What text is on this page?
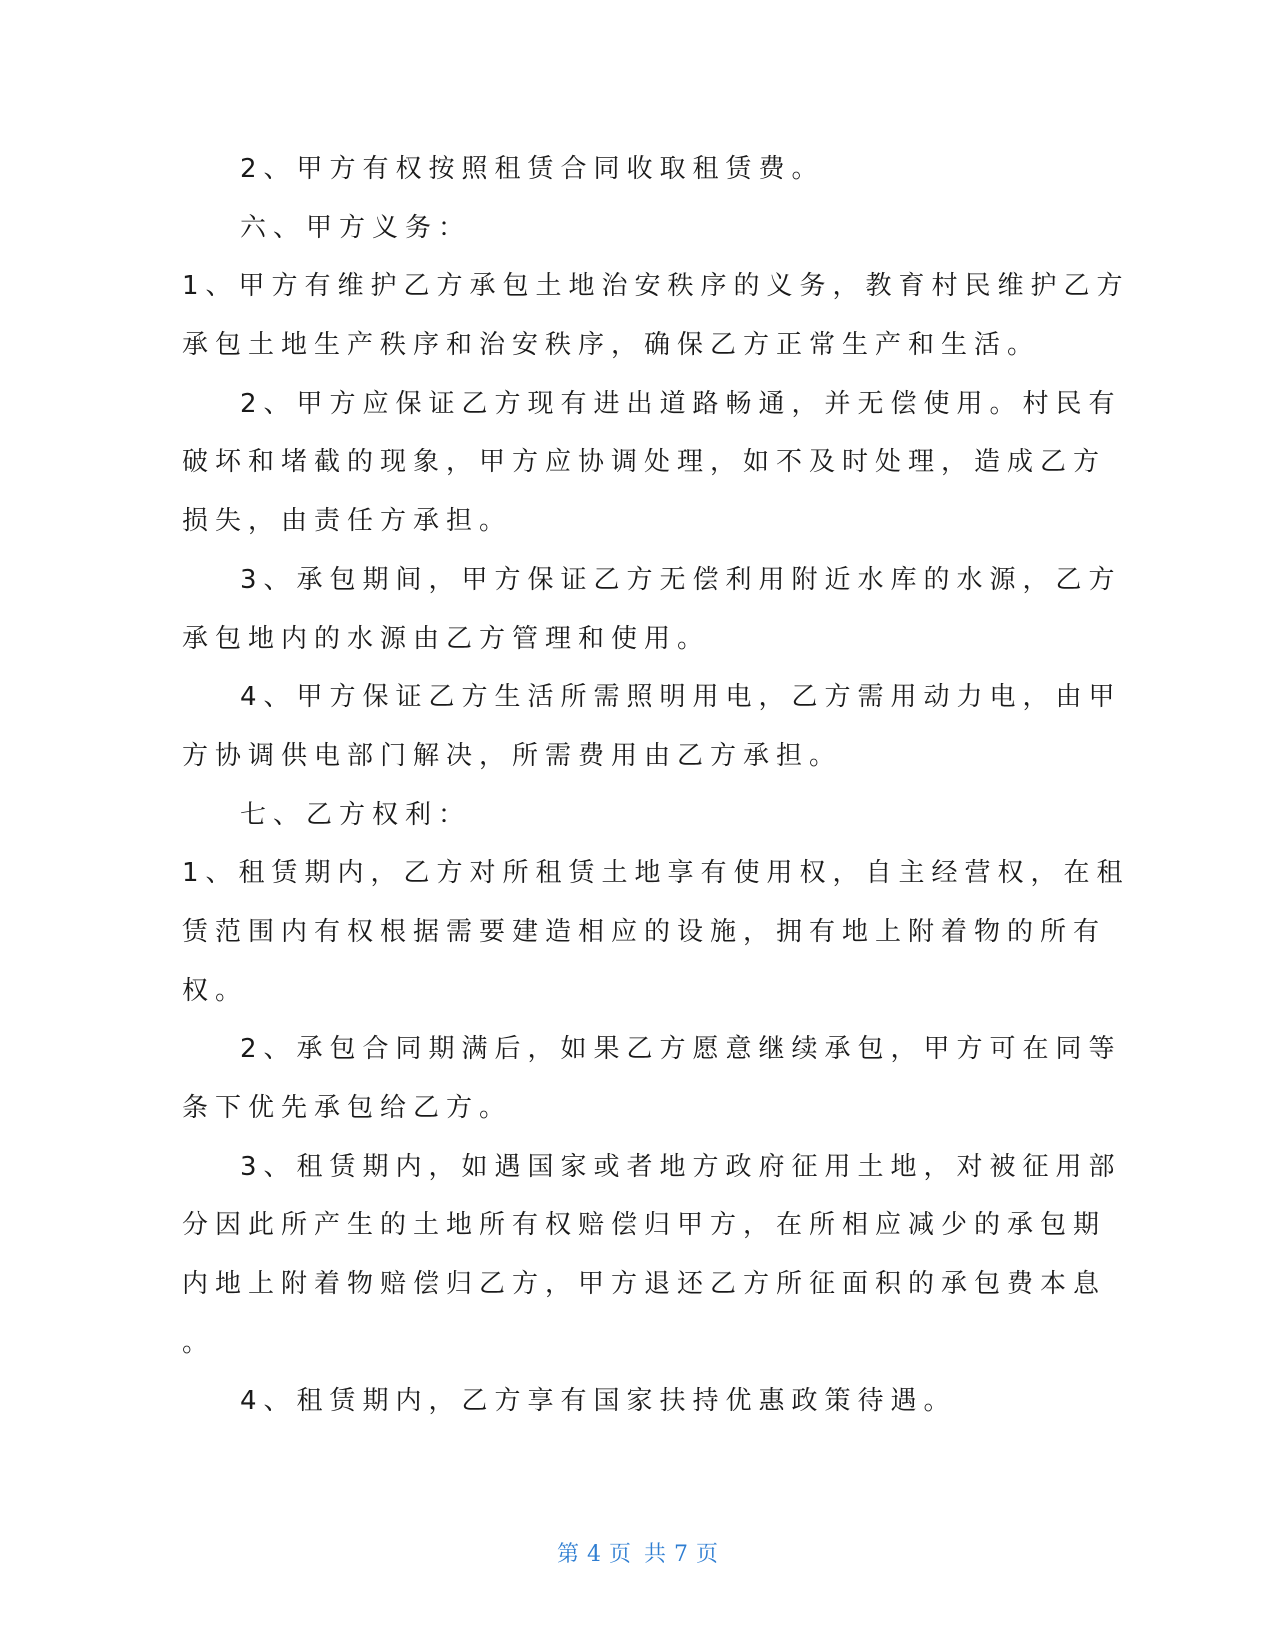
2、甲方有权按照租赁合同收取租赁费。
六、甲方义务：
1、甲方有维护乙方承包土地治安秩序的义务，教育村民维护乙方
承包土地生产秩序和治安秩序，确保乙方正常生产和生活。
2、甲方应保证乙方现有进出道路畅通，并无偿使用。村民有
破坏和堵截的现象，甲方应协调处理，如不及时处理，造成乙方
损失，由责任方承担。
3、承包期间，甲方保证乙方无偿利用附近水库的水源，乙方
承包地内的水源由乙方管理和使用。
4、甲方保证乙方生活所需照明用电，乙方需用动力电，由甲
方协调供电部门解决，所需费用由乙方承担。
七、乙方权利：
1、租赁期内，乙方对所租赁土地享有使用权，自主经营权，在租
赁范围内有权根据需要建造相应的设施，拥有地上附着物的所有
权。
2、承包合同期满后，如果乙方愿意继续承包，甲方可在同等
条下优先承包给乙方。
3、租赁期内，如遇国家或者地方政府征用土地，对被征用部
分因此所产生的土地所有权赔偿归甲方，在所相应减少的承包期
内地上附着物赔偿归乙方，甲方退还乙方所征面积的承包费本息
。
4、租赁期内，乙方享有国家扶持优惠政策待遇。
第 4 页 共 7 页
